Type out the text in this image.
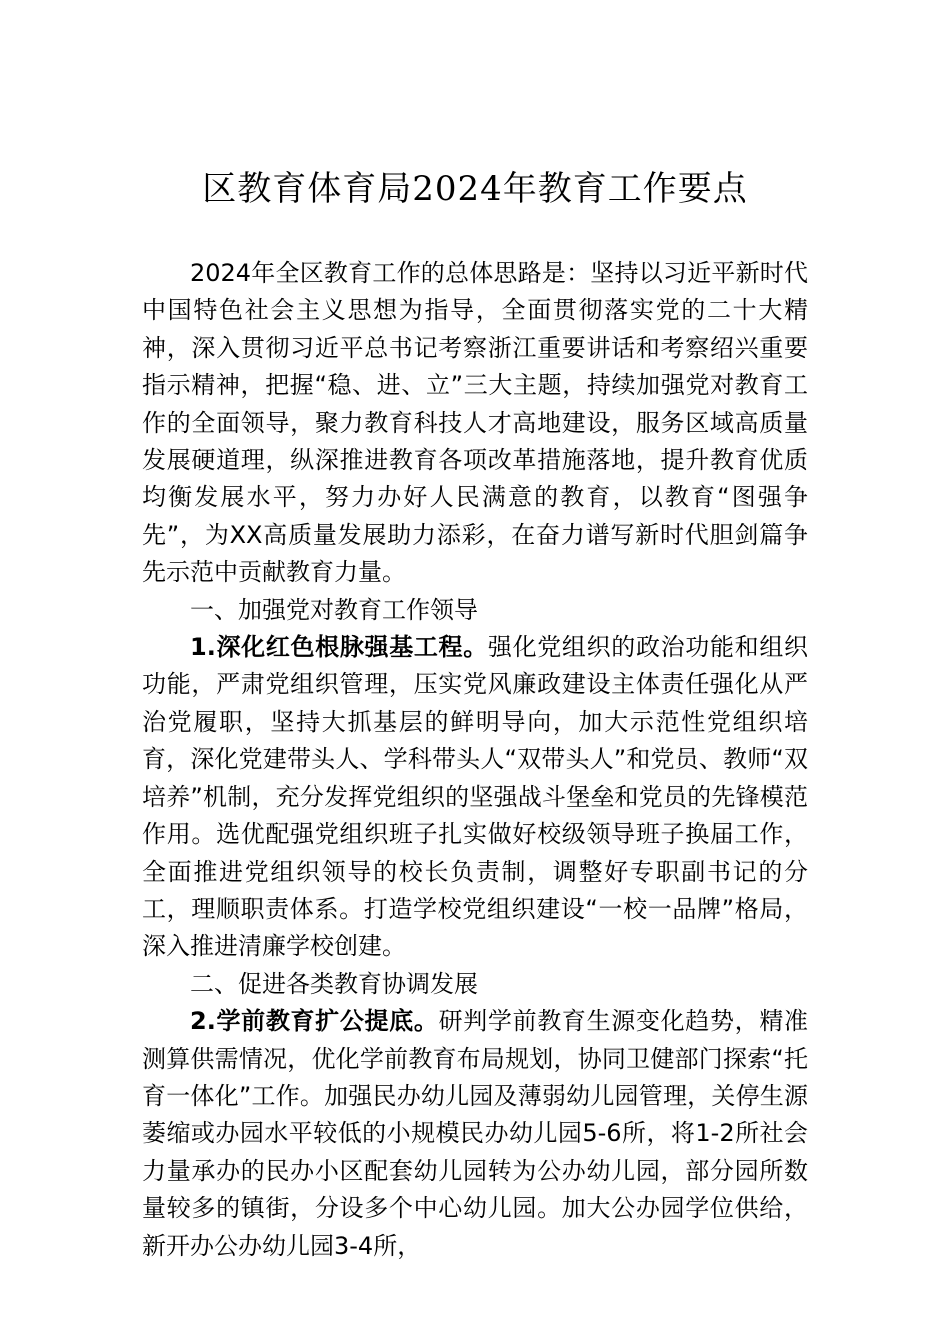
区教育体育局2024年教育工作要点

2024年全区教育工作的总体思路是：坚持以习近平新时代中国特色社会主义思想为指导，全面贯彻落实党的二十大精神，深入贯彻习近平总书记考察浙江重要讲话和考察绍兴重要指示精神，把握“稳、进、立”三大主题，持续加强党对教育工作的全面领导，聚力教育科技人才高地建设，服务区域高质量发展硬道理，纵深推进教育各项改革措施落地，提升教育优质均衡发展水平，努力办好人民满意的教育，以教育“图强争先”，为XX高质量发展助力添彩，在奋力谱写新时代胆剑篇争先示范中贡献教育力量。

一、加强党对教育工作领导

1.深化红色根脉强基工程。强化党组织的政治功能和组织功能，严肃党组织管理，压实党风廉政建设主体责任强化从严治党履职，坚持大抓基层的鲜明导向，加大示范性党组织培育，深化党建带头人、学科带头人“双带头人”和党员、教师“双培养”机制，充分发挥党组织的坚强战斗堡垒和党员的先锋模范作用。选优配强党组织班子扎实做好校级领导班子换届工作，全面推进党组织领导的校长负责制，调整好专职副书记的分工，理顺职责体系。打造学校党组织建设“一校一品牌”格局，深入推进清廉学校创建。

二、促进各类教育协调发展

2.学前教育扩公提底。研判学前教育生源变化趋势，精准测算供需情况，优化学前教育布局规划，协同卫健部门探索“托育一体化”工作。加强民办幼儿园及薄弱幼儿园管理，关停生源萎缩或办园水平较低的小规模民办幼儿园5-6所，将1-2所社会力量承办的民办小区配套幼儿园转为公办幼儿园，部分园所数量较多的镇街，分设多个中心幼儿园。加大公办园学位供给，新开办公办幼儿园3-4所，
